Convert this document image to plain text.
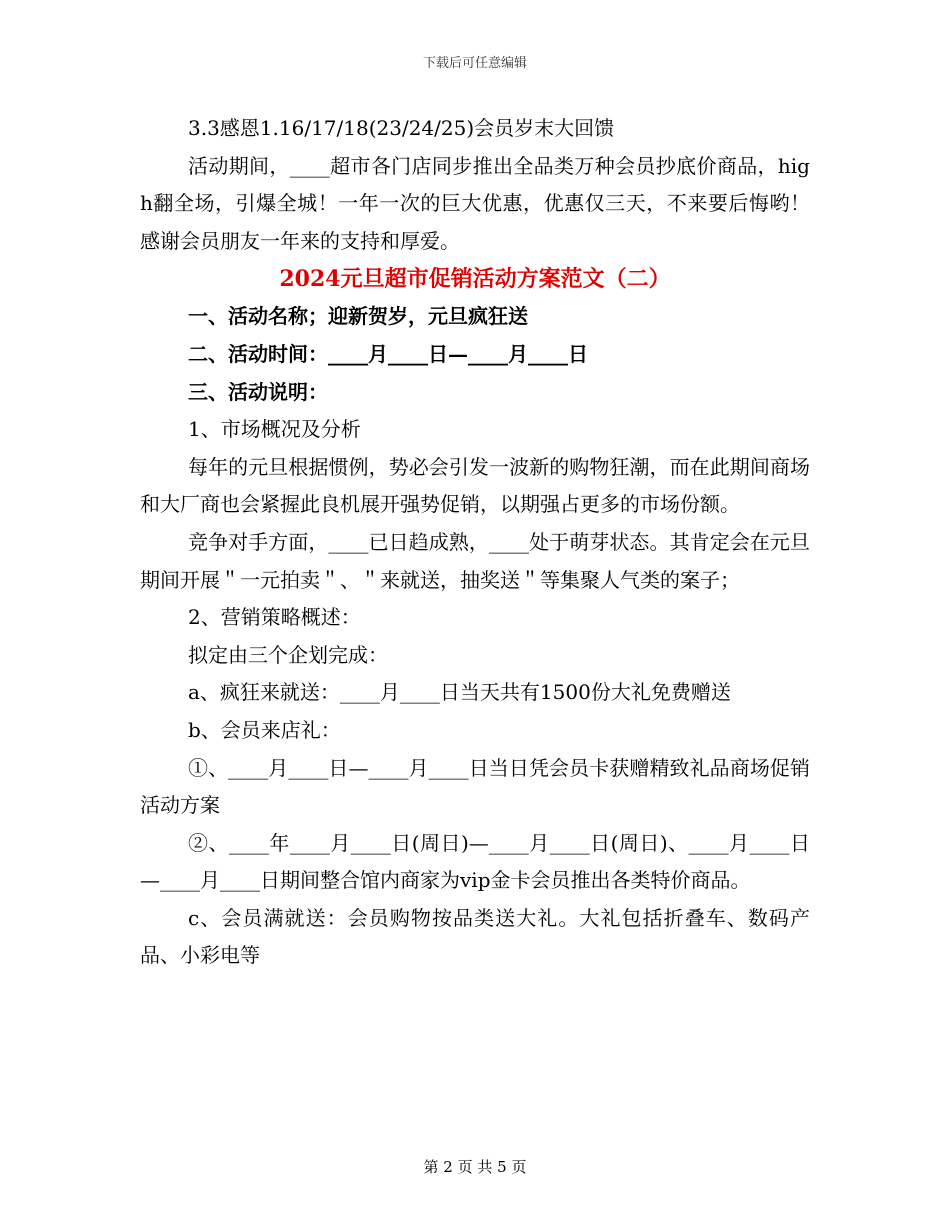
下载后可任意编辑

3.3感恩1.16/17/18(23/24/25)会员岁末大回馈

活动期间，____超市各门店同步推出全品类万种会员抄底价商品，high翻全场，引爆全城！一年一次的巨大优惠，优惠仅三天，不来要后悔哟！感谢会员朋友一年来的支持和厚爱。

2024元旦超市促销活动方案范文（二）

一、活动名称；迎新贺岁，元旦疯狂送

二、活动时间：____月____日—____月____日

三、活动说明：

1、市场概况及分析

每年的元旦根据惯例，势必会引发一波新的购物狂潮，而在此期间商场和大厂商也会紧握此良机展开强势促销，以期强占更多的市场份额。

竞争对手方面，____已日趋成熟，____处于萌芽状态。其肯定会在元旦期间开展＂一元拍卖＂、＂来就送，抽奖送＂等集聚人气类的案子；

2、营销策略概述：

拟定由三个企划完成：

a、疯狂来就送：____月____日当天共有1500份大礼免费赠送

b、会员来店礼：

①、____月____日—____月____日当日凭会员卡获赠精致礼品商场促销活动方案

②、____年____月____日(周日)—____月____日(周日)、____月____日—____月____日期间整合馆内商家为vip金卡会员推出各类特价商品。

c、会员满就送：会员购物按品类送大礼。大礼包括折叠车、数码产品、小彩电等

第 2 页 共 5 页
